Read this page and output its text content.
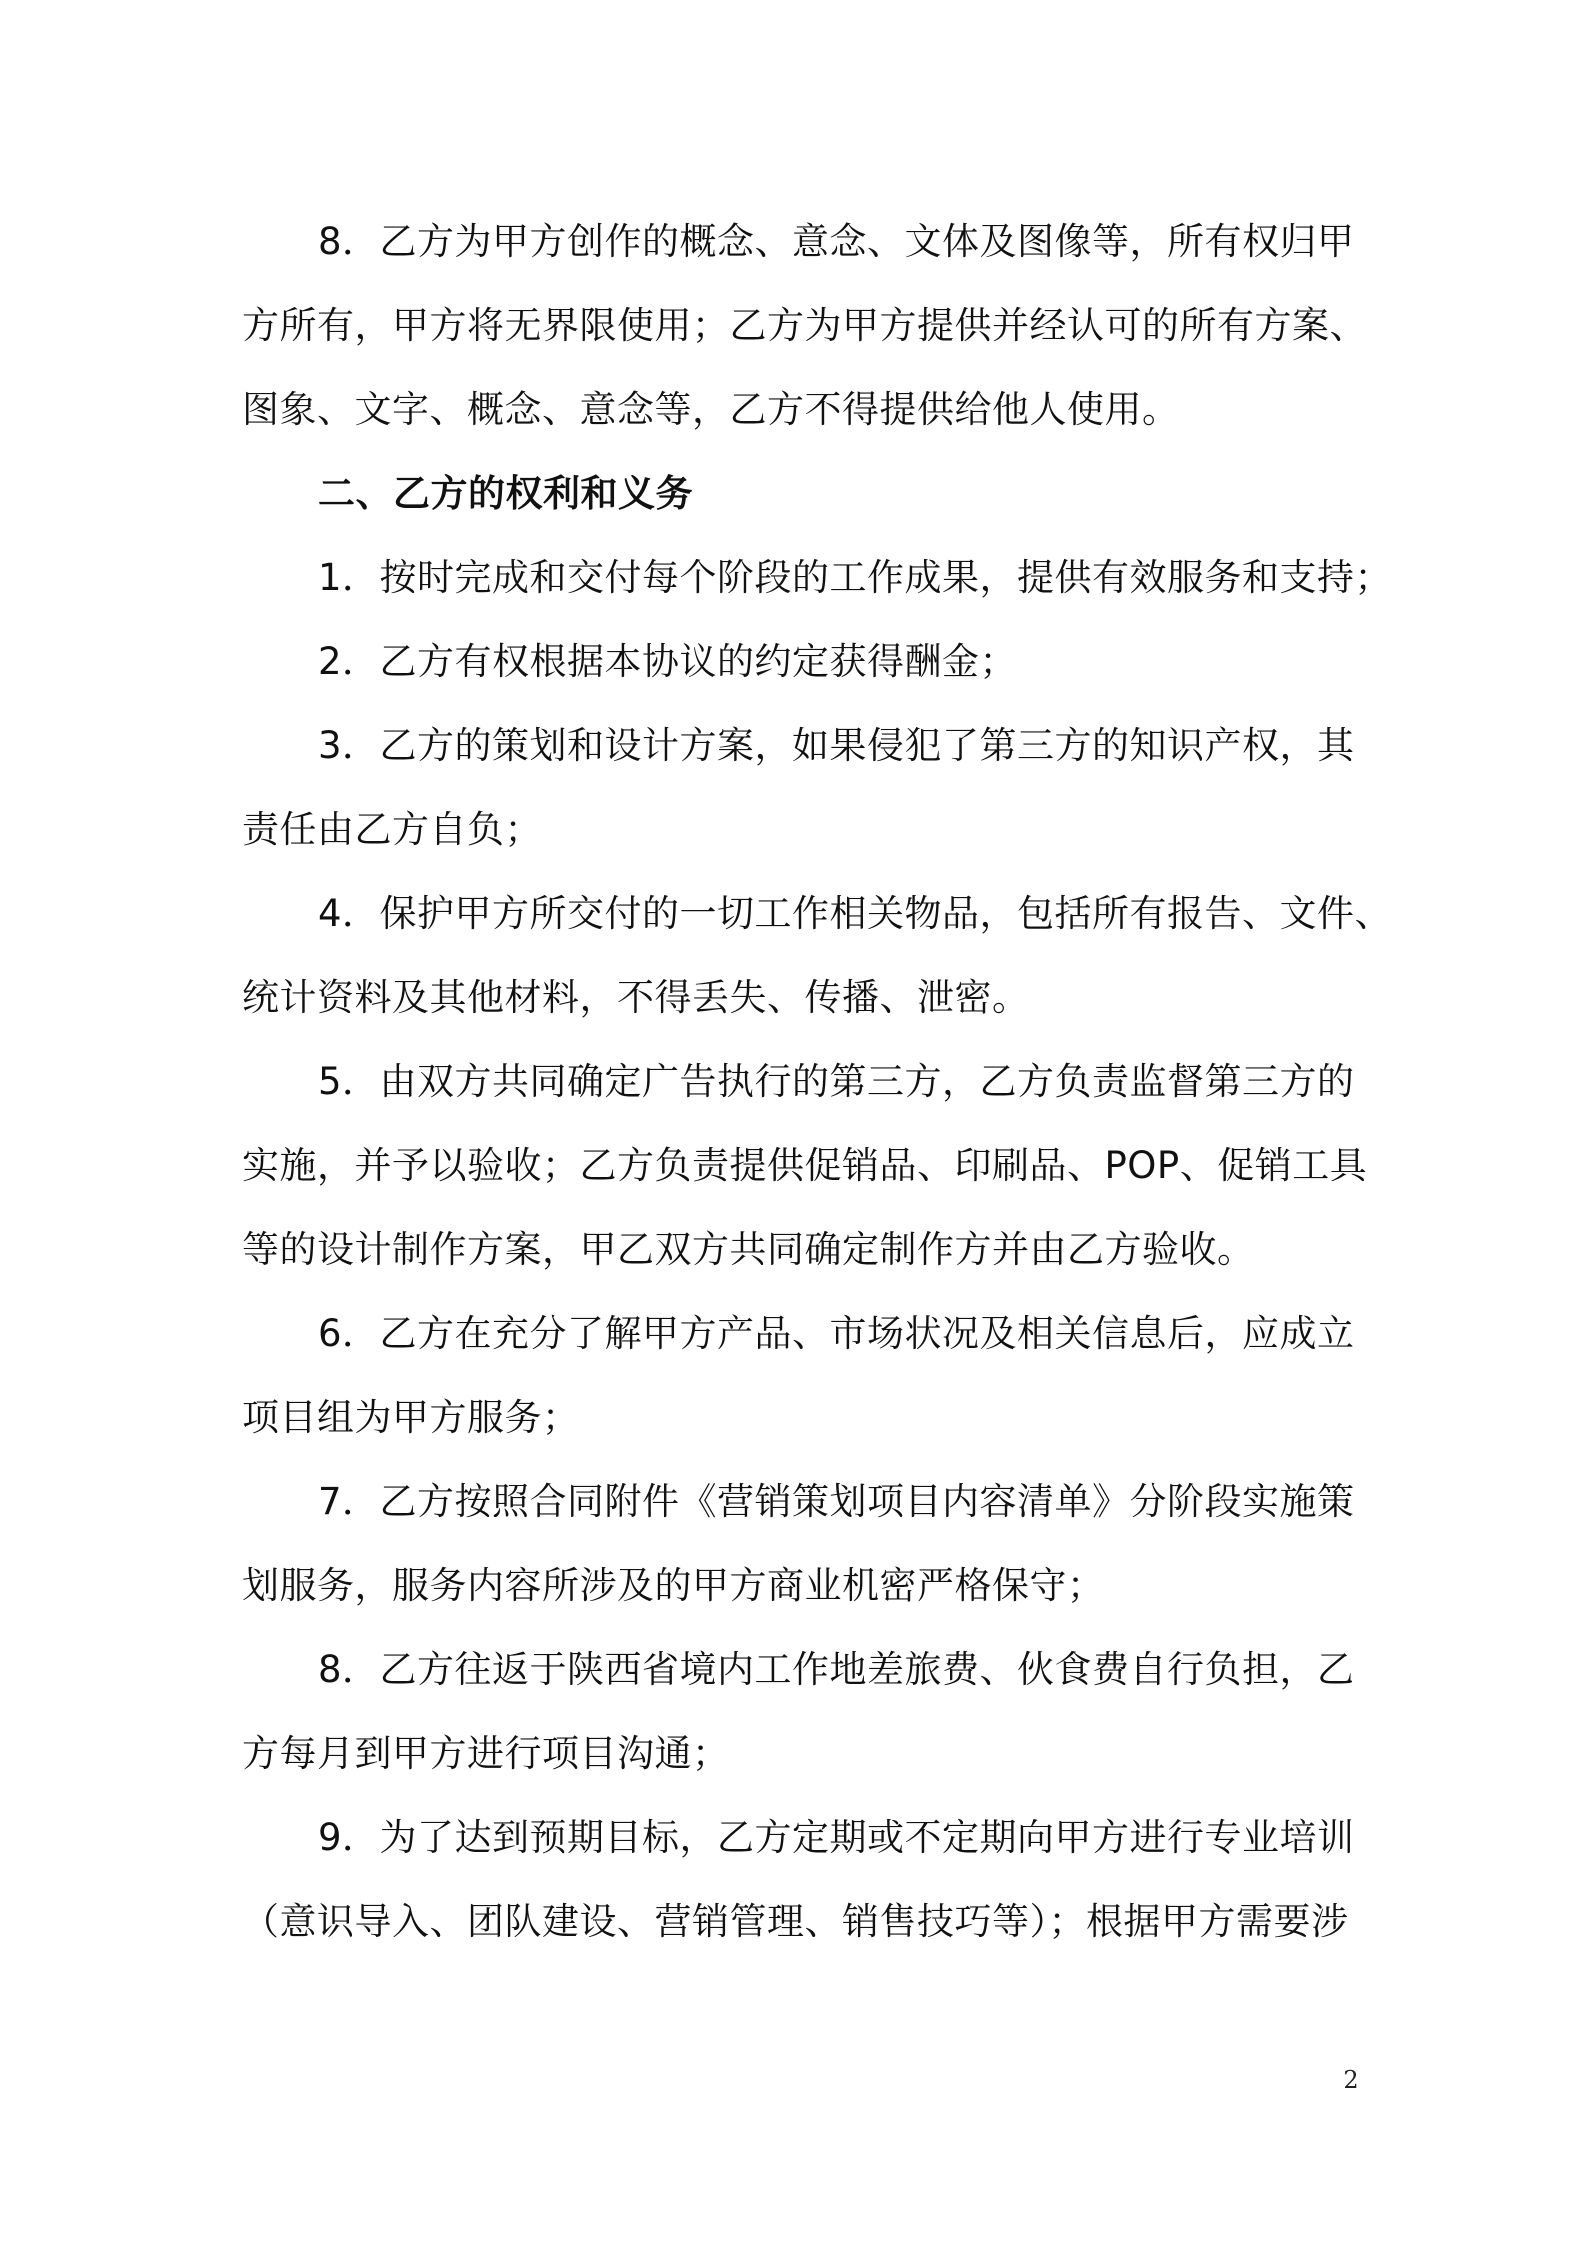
8．乙方为甲方创作的概念、意念、文体及图像等，所有权归甲
方所有，甲方将无界限使用；乙方为甲方提供并经认可的所有方案、
图象、文字、概念、意念等，乙方不得提供给他人使用。
二、乙方的权利和义务
1．按时完成和交付每个阶段的工作成果，提供有效服务和支持；
2．乙方有权根据本协议的约定获得酬金；
3．乙方的策划和设计方案，如果侵犯了第三方的知识产权，其
责任由乙方自负；
4．保护甲方所交付的一切工作相关物品，包括所有报告、文件、
统计资料及其他材料，不得丢失、传播、泄密。
5．由双方共同确定广告执行的第三方，乙方负责监督第三方的
实施，并予以验收；乙方负责提供促销品、印刷品、POP、促销工具
等的设计制作方案，甲乙双方共同确定制作方并由乙方验收。
6．乙方在充分了解甲方产品、市场状况及相关信息后，应成立
项目组为甲方服务；
7．乙方按照合同附件《营销策划项目内容清单》分阶段实施策
划服务，服务内容所涉及的甲方商业机密严格保守；
8．乙方往返于陕西省境内工作地差旅费、伙食费自行负担，乙
方每月到甲方进行项目沟通；
9．为了达到预期目标，乙方定期或不定期向甲方进行专业培训
（意识导入、团队建设、营销管理、销售技巧等）；根据甲方需要涉
2
